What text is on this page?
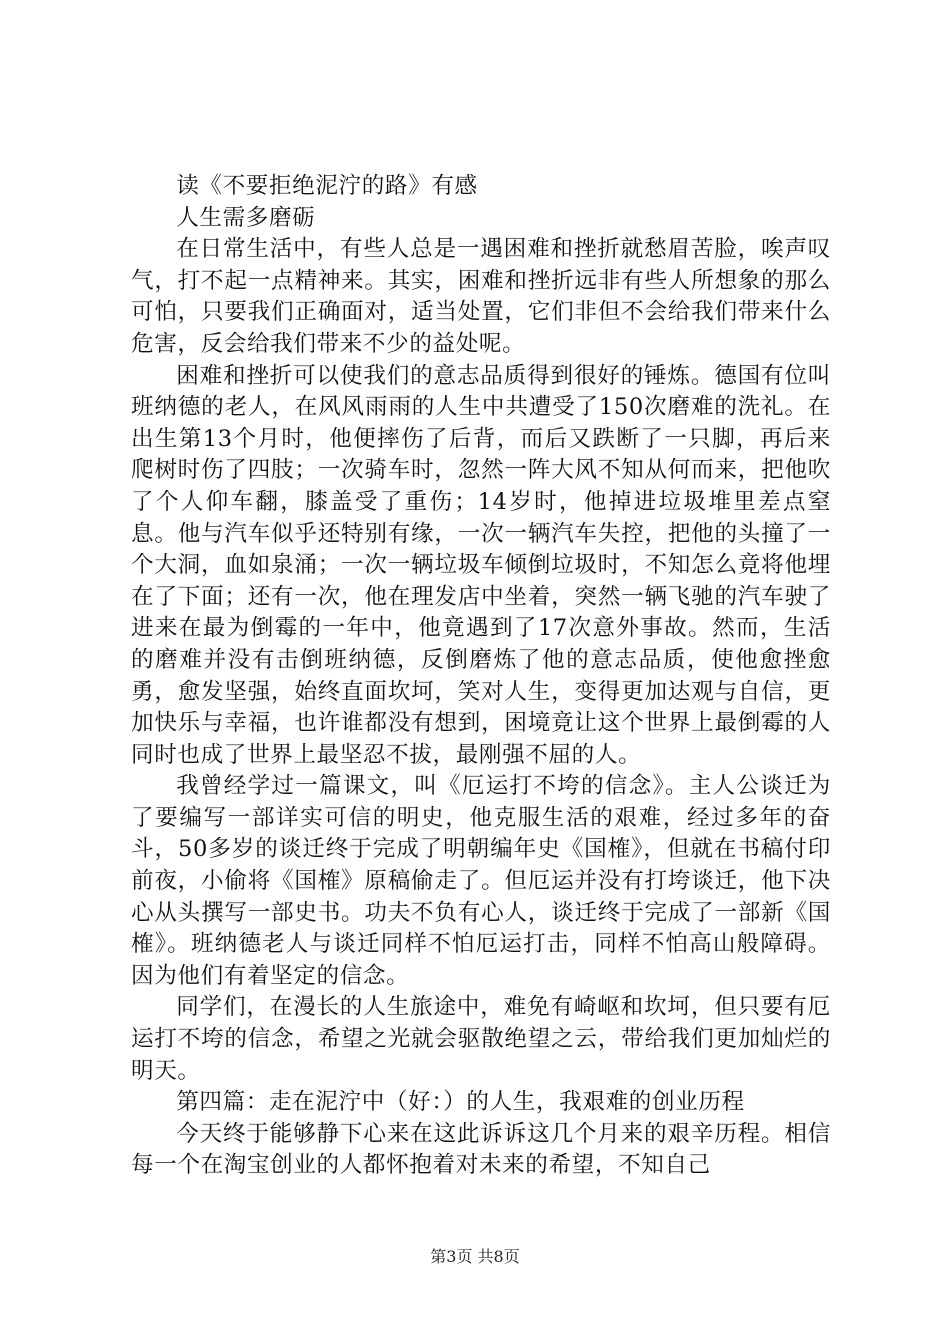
读《不要拒绝泥泞的路》有感

人生需多磨砺

在日常生活中，有些人总是一遇困难和挫折就愁眉苦脸，唉声叹气，打不起一点精神来。其实，困难和挫折远非有些人所想象的那么可怕，只要我们正确面对，适当处置，它们非但不会给我们带来什么危害，反会给我们带来不少的益处呢。

困难和挫折可以使我们的意志品质得到很好的锤炼。德国有位叫班纳德的老人，在风风雨雨的人生中共遭受了150次磨难的洗礼。在出生第13个月时，他便摔伤了后背，而后又跌断了一只脚，再后来爬树时伤了四肢；一次骑车时，忽然一阵大风不知从何而来，把他吹了个人仰车翻，膝盖受了重伤；14岁时，他掉进垃圾堆里差点窒息。他与汽车似乎还特别有缘，一次一辆汽车失控，把他的头撞了一个大洞，血如泉涌；一次一辆垃圾车倾倒垃圾时，不知怎么竟将他埋在了下面；还有一次，他在理发店中坐着，突然一辆飞驰的汽车驶了进来在最为倒霉的一年中，他竟遇到了17次意外事故。然而，生活的磨难并没有击倒班纳德，反倒磨炼了他的意志品质，使他愈挫愈勇，愈发坚强，始终直面坎坷，笑对人生，变得更加达观与自信，更加快乐与幸福，也许谁都没有想到，困境竟让这个世界上最倒霉的人同时也成了世界上最坚忍不拔，最刚强不屈的人。

我曾经学过一篇课文，叫《厄运打不垮的信念》。主人公谈迁为了要编写一部详实可信的明史，他克服生活的艰难，经过多年的奋斗，50多岁的谈迁终于完成了明朝编年史《国榷》，但就在书稿付印前夜，小偷将《国榷》原稿偷走了。但厄运并没有打垮谈迁，他下决心从头撰写一部史书。功夫不负有心人，谈迁终于完成了一部新《国榷》。班纳德老人与谈迁同样不怕厄运打击，同样不怕高山般障碍。因为他们有着坚定的信念。

同学们，在漫长的人生旅途中，难免有崎岖和坎坷，但只要有厄运打不垮的信念，希望之光就会驱散绝望之云，带给我们更加灿烂的明天。

第四篇：走在泥泞中（好：）的人生，我艰难的创业历程

今天终于能够静下心来在这此诉诉这几个月来的艰辛历程。相信每一个在淘宝创业的人都怀抱着对未来的希望，不知自己

第3页 共8页
